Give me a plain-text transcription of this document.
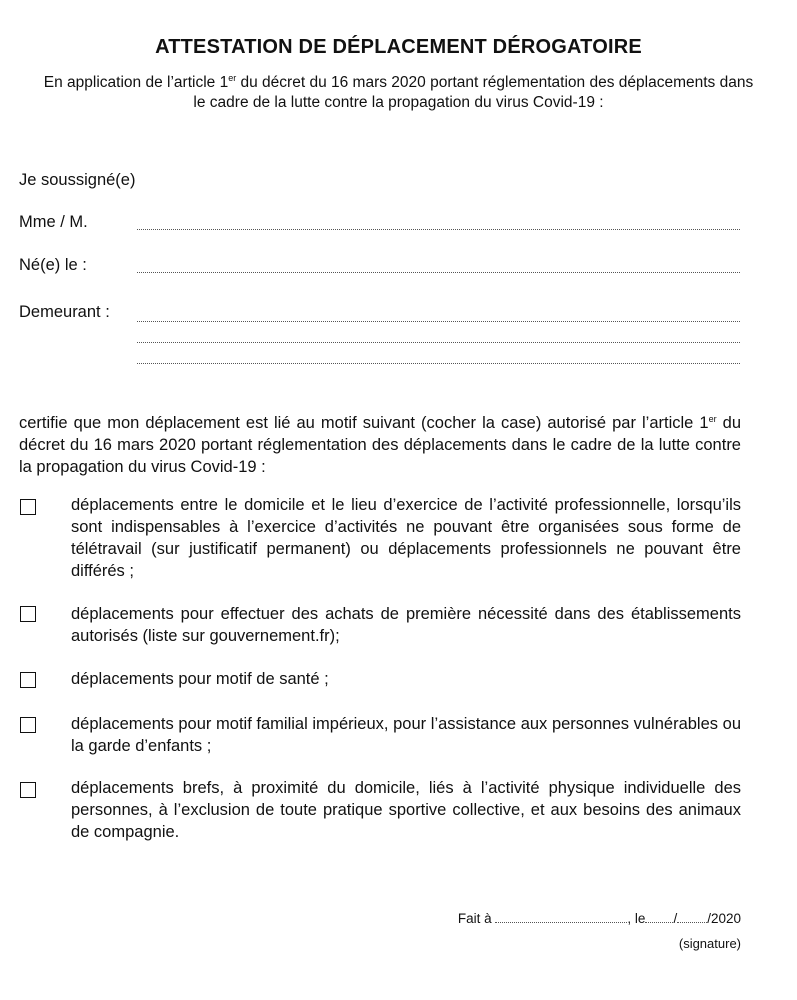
ATTESTATION DE DÉPLACEMENT DÉROGATOIRE
En application de l’article 1er du décret du 16 mars 2020 portant réglementation des déplacements dans le cadre de la lutte contre la propagation du virus Covid-19 :
Je soussigné(e)
Mme / M.
Né(e) le :
Demeurant :
certifie que mon déplacement est lié au motif suivant (cocher la case) autorisé par l’article 1er du décret du 16 mars 2020 portant réglementation des déplacements dans le cadre de la lutte contre la propagation du virus Covid-19 :
déplacements entre le domicile et le lieu d’exercice de l’activité professionnelle, lorsqu’ils sont indispensables à l’exercice d’activités ne pouvant être organisées sous forme de télétravail (sur justificatif permanent) ou déplacements professionnels ne pouvant être différés ;
déplacements pour effectuer des achats de première nécessité dans des établissements autorisés (liste sur gouvernement.fr);
déplacements pour motif de santé ;
déplacements pour motif familial impérieux, pour l’assistance aux personnes vulnérables ou la garde d’enfants ;
déplacements brefs, à proximité du domicile, liés à l’activité physique individuelle des personnes, à l’exclusion de toute pratique sportive collective, et aux besoins des animaux de compagnie.
Fait à	, le / /2020
(signature)
